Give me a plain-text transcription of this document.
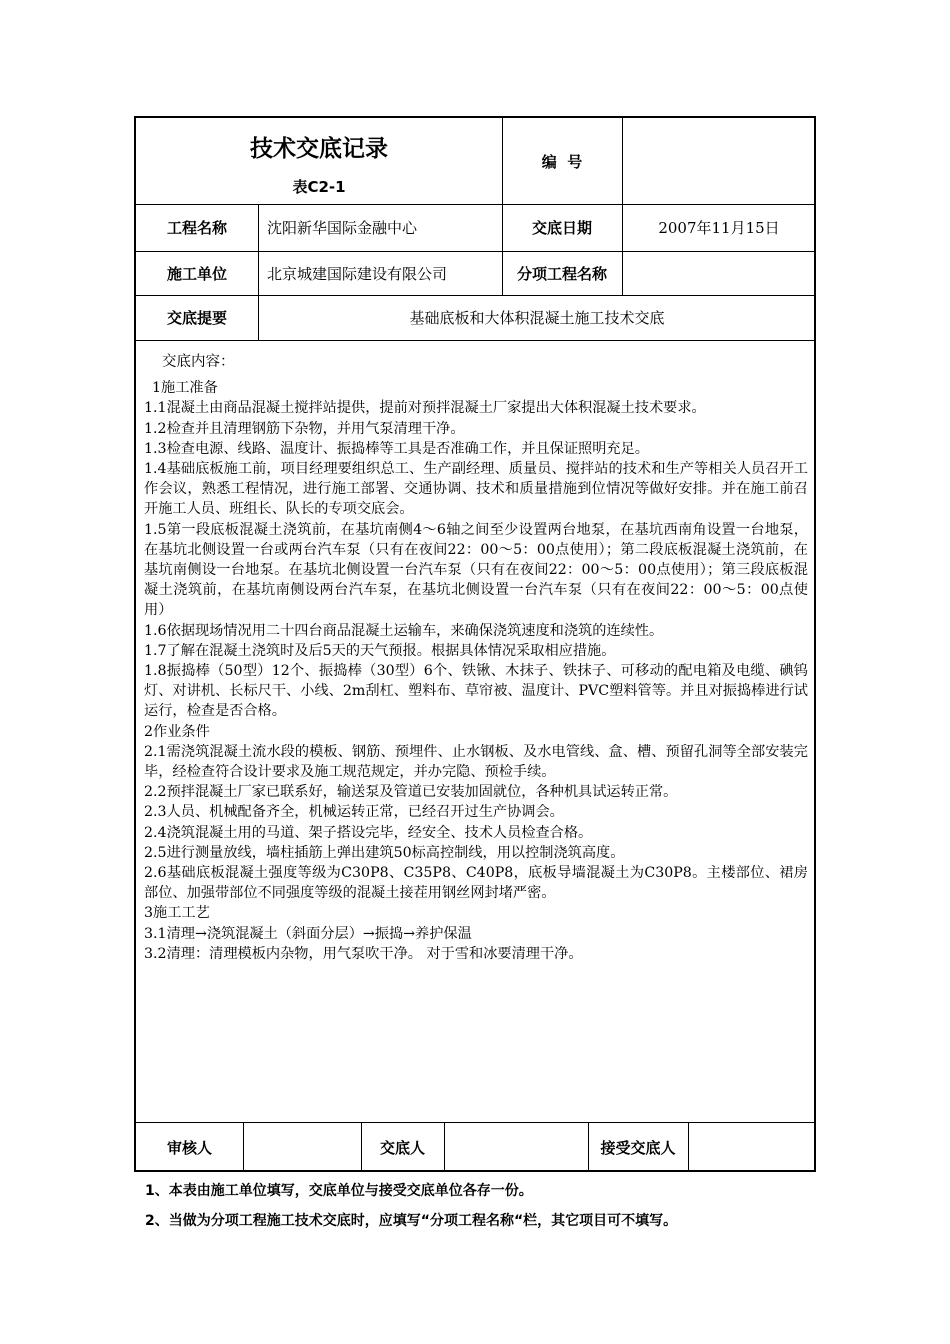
技术交底记录
表C2-1
编  号
工程名称	沈阳新华国际金融中心	交底日期	2007年11月15日
施工单位	北京城建国际建设有限公司	分项工程名称
交底提要	基础底板和大体积混凝土施工技术交底
交底内容：

1施工准备

1.1混凝土由商品混凝土搅拌站提供，提前对预拌混凝土厂家提出大体积混凝土技术要求。

1.2检查并且清理钢筋下杂物，并用气泵清理干净。

1.3检查电源、线路、温度计、振捣棒等工具是否准确工作，并且保证照明充足。

1.4基础底板施工前，项目经理要组织总工、生产副经理、质量员、搅拌站的技术和生产等相关人员召开工作会议，熟悉工程情况，进行施工部署、交通协调、技术和质量措施到位情况等做好安排。并在施工前召开施工人员、班组长、队长的专项交底会。

1.5第一段底板混凝土浇筑前，在基坑南侧4～6轴之间至少设置两台地泵，在基坑西南角设置一台地泵，在基坑北侧设置一台或两台汽车泵（只有在夜间22：00～5：00点使用）；第二段底板混凝土浇筑前，在基坑南侧设一台地泵。在基坑北侧设置一台汽车泵（只有在夜间22：00～5：00点使用）；第三段底板混凝土浇筑前，在基坑南侧设两台汽车泵，在基坑北侧设置一台汽车泵（只有在夜间22：00～5：00点使用）

1.6依据现场情况用二十四台商品混凝土运输车，来确保浇筑速度和浇筑的连续性。

1.7了解在混凝土浇筑时及后5天的天气预报。根据具体情况采取相应措施。

1.8振捣棒（50型）12个、振捣棒（30型）6个、铁锹、木抹子、铁抹子、可移动的配电箱及电缆、碘钨灯、对讲机、长标尺干、小线、2m刮杠、塑料布、草帘被、温度计、PVC塑料管等。并且对振捣棒进行试运行，检查是否合格。

2作业条件

2.1需浇筑混凝土流水段的模板、钢筋、预埋件、止水钢板、及水电管线、盒、槽、预留孔洞等全部安装完毕，经检查符合设计要求及施工规范规定，并办完隐、预检手续。

2.2预拌混凝土厂家已联系好，输送泵及管道已安装加固就位，各种机具试运转正常。

2.3人员、机械配备齐全，机械运转正常，已经召开过生产协调会。

2.4浇筑混凝土用的马道、架子搭设完毕，经安全、技术人员检查合格。

2.5进行测量放线，墙柱插筋上弹出建筑50标高控制线，用以控制浇筑高度。

2.6基础底板混凝土强度等级为C30P8、C35P8、C40P8，底板导墙混凝土为C30P8。主楼部位、裙房部位、加强带部位不同强度等级的混凝土接茬用钢丝网封堵严密。

3施工工艺

3.1清理→浇筑混凝土（斜面分层）→振捣→养护保温

3.2清理：清理模板内杂物，用气泵吹干净。 对于雪和冰要清理干净。

审核人	交底人	接受交底人

1、本表由施工单位填写，交底单位与接受交底单位各存一份。

2、当做为分项工程施工技术交底时，应填写“分项工程名称“栏，其它项目可不填写。
